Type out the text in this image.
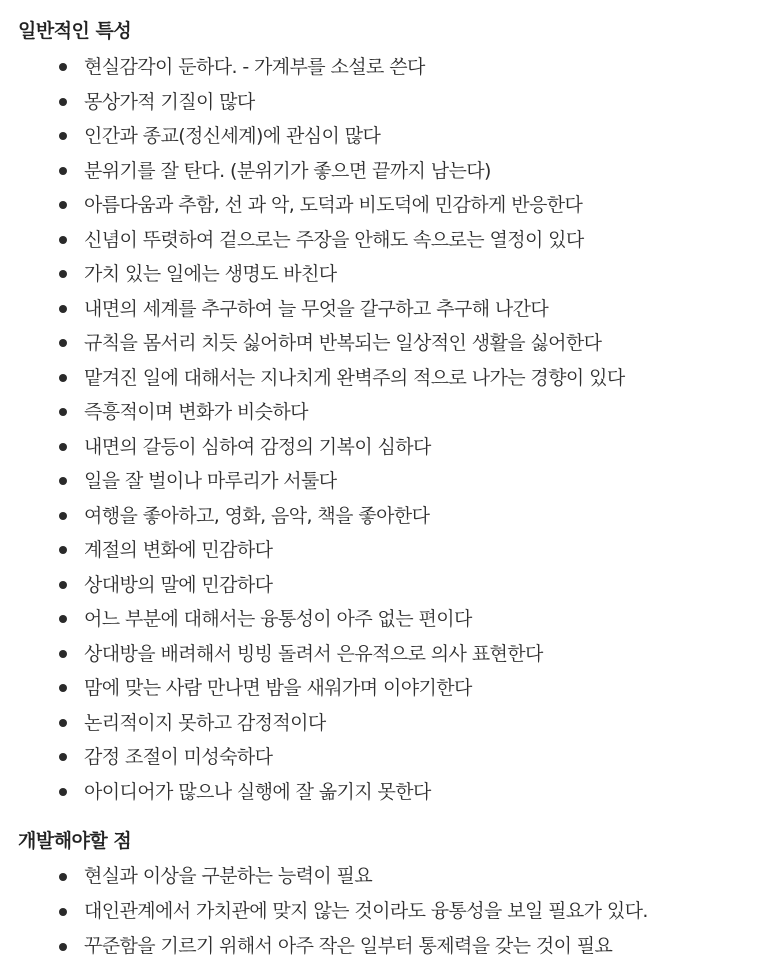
일반적인 특성
현실감각이 둔하다. - 가계부를 소설로 쓴다
몽상가적 기질이 많다
인간과 종교(정신세계)에 관심이 많다
분위기를 잘 탄다. (분위기가 좋으면 끝까지 남는다)
아름다움과 추함, 선 과 악, 도덕과 비도덕에 민감하게 반응한다
신념이 뚜렷하여 겉으로는 주장을 안해도 속으로는 열정이 있다
가치 있는 일에는 생명도 바친다
내면의 세계를 추구하여 늘 무엇을 갈구하고 추구해 나간다
규칙을 몸서리 치듯 싫어하며 반복되는 일상적인 생활을 싫어한다
맡겨진 일에 대해서는 지나치게 완벽주의 적으로 나가는 경향이 있다
즉흥적이며 변화가 비슷하다
내면의 갈등이 심하여 감정의 기복이 심하다
일을 잘 벌이나 마루리가 서툴다
여행을 좋아하고, 영화, 음악, 책을 좋아한다
계절의 변화에 민감하다
상대방의 말에 민감하다
어느 부분에 대해서는 융통성이 아주 없는 편이다
상대방을 배려해서 빙빙 돌려서 은유적으로 의사 표현한다
맘에 맞는 사람 만나면 밤을 새워가며 이야기한다
논리적이지 못하고 감정적이다
감정 조절이 미성숙하다
아이디어가 많으나 실행에 잘 옮기지 못한다
개발해야할 점
현실과 이상을 구분하는 능력이 필요
대인관계에서 가치관에 맞지 않는 것이라도 융통성을 보일 필요가 있다.
꾸준함을 기르기 위해서 아주 작은 일부터 통제력을 갖는 것이 필요
